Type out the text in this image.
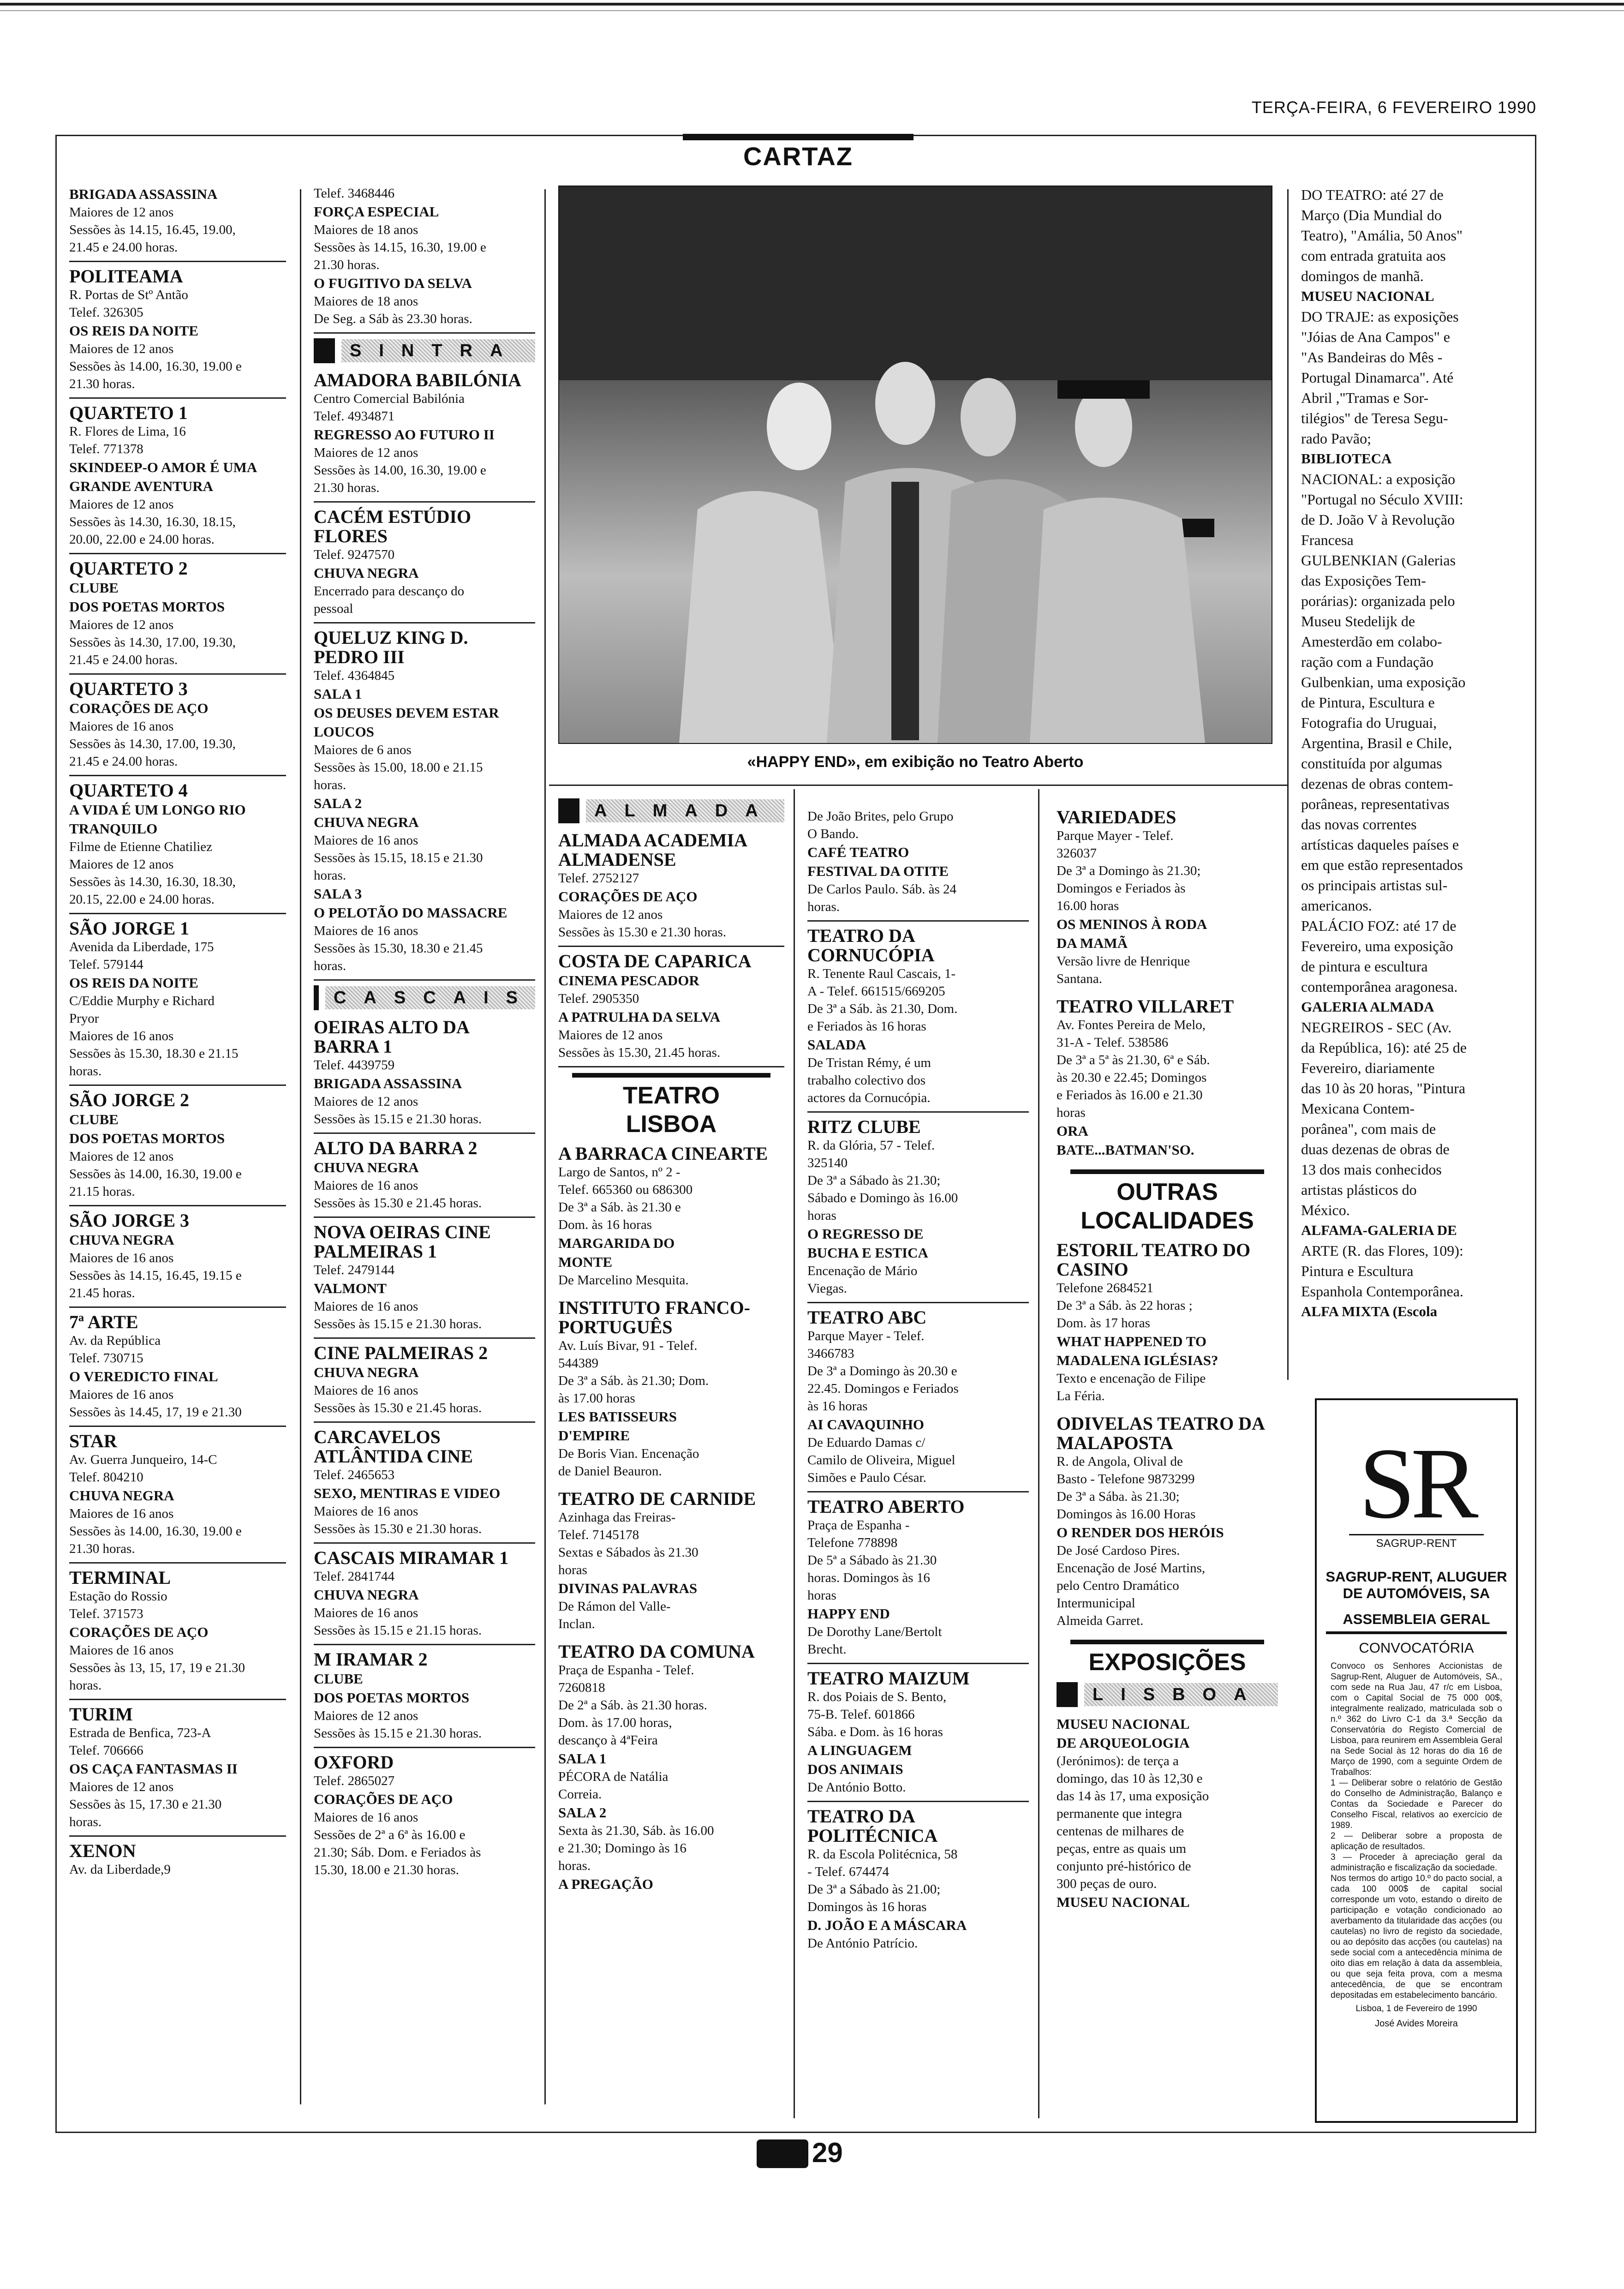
TERÇA-FEIRA, 6 FEVEREIRO 1990
CARTAZ
BRIGADA ASSASSINA
Maiores de 12 anos
Sessões às 14.15, 16.45, 19.00,
21.45 e 24.00 horas.
POLITEAMA
R. Portas de Stº Antão
Telef. 326305
OS REIS DA NOITE
Maiores de 12 anos
Sessões às 14.00, 16.30, 19.00 e
21.30 horas.
QUARTETO 1
R. Flores de Lima, 16
Telef. 771378
SKINDEEP-O AMOR É UMA
GRANDE AVENTURA
Maiores de 12 anos
Sessões às 14.30, 16.30, 18.15,
20.00, 22.00 e 24.00 horas.
QUARTETO 2
CLUBE
DOS POETAS MORTOS
Maiores de 12 anos
Sessões às 14.30, 17.00, 19.30,
21.45 e 24.00 horas.
QUARTETO 3
CORAÇÕES DE AÇO
Maiores de 16 anos
Sessões às 14.30, 17.00, 19.30,
21.45 e 24.00 horas.
QUARTETO 4
A VIDA É UM LONGO RIO
TRANQUILO
Filme de Etienne Chatiliez
Maiores de 12 anos
Sessões às 14.30, 16.30, 18.30,
20.15, 22.00 e 24.00 horas.
SÃO JORGE 1
Avenida da Liberdade, 175
Telef. 579144
OS REIS DA NOITE
C/Eddie Murphy e Richard
Pryor
Maiores de 16 anos
Sessões às 15.30, 18.30 e 21.15
horas.
SÃO JORGE 2
CLUBE
DOS POETAS MORTOS
Maiores de 12 anos
Sessões às 14.00, 16.30, 19.00 e
21.15 horas.
SÃO JORGE 3
CHUVA NEGRA
Maiores de 16 anos
Sessões às 14.15, 16.45, 19.15 e
21.45 horas.
7ª ARTE
Av. da República
Telef. 730715
O VEREDICTO FINAL
Maiores de 16 anos
Sessões às 14.45, 17, 19 e 21.30
STAR
Av. Guerra Junqueiro, 14-C
Telef. 804210
CHUVA NEGRA
Maiores de 16 anos
Sessões às 14.00, 16.30, 19.00 e
21.30 horas.
TERMINAL
Estação do Rossio
Telef. 371573
CORAÇÕES DE AÇO
Maiores de 16 anos
Sessões às 13, 15, 17, 19 e 21.30
horas.
TURIM
Estrada de Benfica, 723-A
Telef. 706666
OS CAÇA FANTASMAS II
Maiores de 12 anos
Sessões às 15, 17.30 e 21.30
horas.
XENON
Av. da Liberdade,9
Telef. 3468446
FORÇA ESPECIAL
Maiores de 18 anos
Sessões às 14.15, 16.30, 19.00 e
21.30 horas.
O FUGITIVO DA SELVA
Maiores de 18 anos
De Seg. a Sáb às 23.30 horas.
SINTRA
AMADORA BABILÓNIA
Centro Comercial Babilónia
Telef. 4934871
REGRESSO AO FUTURO II
Maiores de 12 anos
Sessões às 14.00, 16.30, 19.00 e
21.30 horas.
CACÉM ESTÚDIO FLORES
Telef. 9247570
CHUVA NEGRA
Encerrado para descanço do
pessoal
QUELUZ KING D. PEDRO III
Telef. 4364845
SALA 1
OS DEUSES DEVEM ESTAR
LOUCOS
Maiores de 6 anos
Sessões às 15.00, 18.00 e 21.15
horas.
SALA 2
CHUVA NEGRA
Maiores de 16 anos
Sessões às 15.15, 18.15 e 21.30
horas.
SALA 3
O PELOTÃO DO MASSACRE
Maiores de 16 anos
Sessões às 15.30, 18.30 e 21.45
horas.
CASCAIS
OEIRAS ALTO DA BARRA 1
Telef. 4439759
BRIGADA ASSASSINA
Maiores de 12 anos
Sessões às 15.15 e 21.30 horas.
ALTO DA BARRA 2
CHUVA NEGRA
Maiores de 16 anos
Sessões às 15.30 e 21.45 horas.
NOVA OEIRAS CINE PALMEIRAS 1
Telef. 2479144
VALMONT
Maiores de 16 anos
Sessões às 15.15 e 21.30 horas.
CINE PALMEIRAS 2
CHUVA NEGRA
Maiores de 16 anos
Sessões às 15.30 e 21.45 horas.
CARCAVELOS ATLÂNTIDA CINE
Telef. 2465653
SEXO, MENTIRAS E VIDEO
Maiores de 16 anos
Sessões às 15.30 e 21.30 horas.
CASCAIS MIRAMAR 1
Telef. 2841744
CHUVA NEGRA
Maiores de 16 anos
Sessões às 15.15 e 21.15 horas.
M IRAMAR 2
CLUBE
DOS POETAS MORTOS
Maiores de 12 anos
Sessões às 15.15 e 21.30 horas.
OXFORD
Telef. 2865027
CORAÇÕES DE AÇO
Maiores de 16 anos
Sessões de 2ª a 6ª às 16.00 e
21.30; Sáb. Dom. e Feriados às
15.30, 18.00 e 21.30 horas.
«HAPPY END», em exibição no Teatro Aberto
ALMADA
ALMADA ACADEMIA ALMADENSE
Telef. 2752127
CORAÇÕES DE AÇO
Maiores de 12 anos
Sessões às 15.30 e 21.30 horas.
COSTA DE CAPARICA
CINEMA PESCADOR
Telef. 2905350
A PATRULHA DA SELVA
Maiores de 12 anos
Sessões às 15.30, 21.45 horas.
TEATRO
LISBOA
A BARRACA CINEARTE
Largo de Santos, nº 2 -
Telef. 665360 ou 686300
De 3ª a Sáb. às 21.30 e
Dom. às 16 horas
MARGARIDA DO
MONTE
De Marcelino Mesquita.
INSTITUTO FRANCO-PORTUGUÊS
Av. Luís Bivar, 91 - Telef.
544389
De 3ª a Sáb. às 21.30; Dom.
às 17.00 horas
LES BATISSEURS
D'EMPIRE
De Boris Vian. Encenação
de Daniel Beauron.
TEATRO DE CARNIDE
Azinhaga das Freiras-
Telef. 7145178
Sextas e Sábados às 21.30
horas
DIVINAS PALAVRAS
De Rámon del Valle-
Inclan.
TEATRO DA COMUNA
Praça de Espanha - Telef.
7260818
De 2ª a Sáb. às 21.30 horas.
Dom. às 17.00 horas,
descanço à 4ªFeira
SALA 1
PÉCORA de Natália
Correia.
SALA 2
Sexta às 21.30, Sáb. às 16.00
e 21.30; Domingo às 16
horas.
A PREGAÇÃO
De João Brites, pelo Grupo
O Bando.
CAFÉ TEATRO
FESTIVAL DA OTITE
De Carlos Paulo. Sáb. às 24
horas.
TEATRO DA CORNUCÓPIA
R. Tenente Raul Cascais, 1-
A - Telef. 661515/669205
De 3ª a Sáb. às 21.30, Dom.
e Feriados às 16 horas
SALADA
De Tristan Rémy, é um
trabalho colectivo dos
actores da Cornucópia.
RITZ CLUBE
R. da Glória, 57 - Telef.
325140
De 3ª a Sábado às 21.30;
Sábado e Domingo às 16.00
horas
O REGRESSO DE
BUCHA E ESTICA
Encenação de Mário
Viegas.
TEATRO ABC
Parque Mayer - Telef.
3466783
De 3ª a Domingo às 20.30 e
22.45. Domingos e Feriados
às 16 horas
AI CAVAQUINHO
De Eduardo Damas c/
Camilo de Oliveira, Miguel
Simões e Paulo César.
TEATRO ABERTO
Praça de Espanha -
Telefone 778898
De 5ª a Sábado às 21.30
horas. Domingos às 16
horas
HAPPY END
De Dorothy Lane/Bertolt
Brecht.
TEATRO MAIZUM
R. dos Poiais de S. Bento,
75-B. Telef. 601866
Sába. e Dom. às 16 horas
A LINGUAGEM
DOS ANIMAIS
De António Botto.
TEATRO DA POLITÉCNICA
R. da Escola Politécnica, 58
- Telef. 674474
De 3ª a Sábado às 21.00;
Domingos às 16 horas
D. JOÃO E A MÁSCARA
De António Patrício.
VARIEDADES
Parque Mayer - Telef.
326037
De 3ª a Domingo às 21.30;
Domingos e Feriados às
16.00 horas
OS MENINOS À RODA
DA MAMÃ
Versão livre de Henrique
Santana.
TEATRO VILLARET
Av. Fontes Pereira de Melo,
31-A - Telef. 538586
De 3ª a 5ª às 21.30, 6ª e Sáb.
às 20.30 e 22.45; Domingos
e Feriados às 16.00 e 21.30
horas
ORA
BATE...BATMAN'SO.
OUTRAS
LOCALIDADES
ESTORIL TEATRO DO CASINO
Telefone 2684521
De 3ª a Sáb. às 22 horas ;
Dom. às 17 horas
WHAT HAPPENED TO
MADALENA IGLÉSIAS?
Texto e encenação de Filipe
La Féria.
ODIVELAS TEATRO DA MALAPOSTA
R. de Angola, Olival de
Basto - Telefone 9873299
De 3ª a Sába. às 21.30;
Domingos às 16.00 Horas
O RENDER DOS HERÓIS
De José Cardoso Pires.
Encenação de José Martins,
pelo Centro Dramático
Intermunicipal
Almeida Garret.
EXPOSIÇÕES
LISBOA
MUSEU NACIONAL
DE ARQUEOLOGIA
(Jerónimos): de terça a
domingo, das 10 às 12,30 e
das 14 às 17, uma exposição
permanente que integra
centenas de milhares de
peças, entre as quais um
conjunto pré-histórico de
300 peças de ouro.
MUSEU NACIONAL
DO TEATRO: até 27 de
Março (Dia Mundial do
Teatro), "Amália, 50 Anos"
com entrada gratuita aos
domingos de manhã.
MUSEU NACIONAL
DO TRAJE: as exposições
"Jóias de Ana Campos" e
"As Bandeiras do Mês -
Portugal Dinamarca". Até
Abril ,"Tramas e Sor-
tilégios" de Teresa Segu-
rado Pavão;
BIBLIOTECA
NACIONAL: a exposição
"Portugal no Século XVIII:
de D. João V à Revolução
Francesa
GULBENKIAN (Galerias
das Exposições Tem-
porárias): organizada pelo
Museu Stedelijk de
Amesterdão em colabo-
ração com a Fundação
Gulbenkian, uma exposição
de Pintura, Escultura e
Fotografia do Uruguai,
Argentina, Brasil e Chile,
constituída por algumas
dezenas de obras contem-
porâneas, representativas
das novas correntes
artísticas daqueles países e
em que estão representados
os principais artistas sul-
americanos.
PALÁCIO FOZ: até 17 de
Fevereiro, uma exposição
de pintura e escultura
contemporânea aragonesa.
GALERIA ALMADA
NEGREIROS - SEC (Av.
da República, 16): até 25 de
Fevereiro, diariamente
das 10 às 20 horas, "Pintura
Mexicana Contem-
porânea", com mais de
duas dezenas de obras de
13 dos mais conhecidos
artistas plásticos do
México.
ALFAMA-GALERIA DE
ARTE (R. das Flores, 109):
Pintura e Escultura
Espanhola Contemporânea.
ALFA MIXTA (Escola
SR
SAGRUP-RENT
SAGRUP-RENT, ALUGUER DE AUTOMÓVEIS, SA
ASSEMBLEIA GERAL
CONVOCATÓRIA
Convoco os Senhores Accionistas de Sagrup-Rent, Aluguer de Automóveis, SA., com sede na Rua Jau, 47 r/c em Lisboa, com o Capital Social de 75 000 00$, integralmente realizado, matriculada sob o n.º 362 do Livro C-1 da 3.ª Secção da Conservatória do Registo Comercial de Lisboa, para reunirem em Assembleia Geral na Sede Social às 12 horas do dia 16 de Março de 1990, com a seguinte Ordem de Trabalhos:
1 — Deliberar sobre o relatório de Gestão do Conselho de Administração, Balanço e Contas da Sociedade e Parecer do Conselho Fiscal, relativos ao exercício de 1989.
2 — Deliberar sobre a proposta de aplicação de resultados.
3 — Proceder à apreciação geral da administração e fiscalização da sociedade.
Nos termos do artigo 10.º do pacto social, a cada 100 000$ de capital social corresponde um voto, estando o direito de participação e votação condicionado ao averbamento da titularidade das acções (ou cautelas) no livro de registo da sociedade, ou ao depósito das acções (ou cautelas) na sede social com a antecedência mínima de oito dias em relação à data da assembleia, ou que seja feita prova, com a mesma antecedência, de que se encontram depositadas em estabelecimento bancário.
Lisboa, 1 de Fevereiro de 1990
José Avides Moreira
29
